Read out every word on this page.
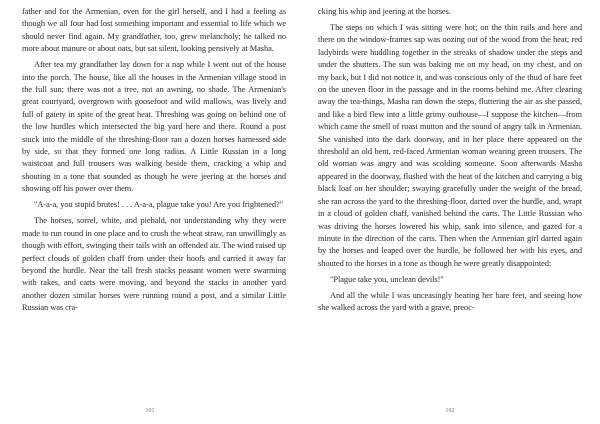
father and for the Armenian, even for the girl herself, and I had a feeling as though we all four had lost something important and essential to life which we should never find again. My grandfather, too, grew melancholy; he talked no more about manure or about oats, but sat silent, looking pensively at Masha.

After tea my grandfather lay down for a nap while I went out of the house into the porch. The house, like all the houses in the Armenian village stood in the full sun; there was not a tree, not an awning, no shade. The Armenian's great courtyard, overgrown with goosefoot and wild mallows, was lively and full of gaiety in spite of the great heat. Threshing was going on behind one of the low hurdles which intersected the big yard here and there. Round a post stuck into the middle of the threshing-floor ran a dozen horses harnessed side by side, so that they formed one long radius. A Little Russian in a long waistcoat and full trousers was walking beside them, cracking a whip and shouting in a tone that sounded as though he were jeering at the horses and showing off his power over them.

"A-a-a, you stupid brutes! . . . A-a-a, plague take you! Are you frightened?"

The horses, sorrel, white, and piebald, not understanding why they were made to run round in one place and to crush the wheat straw, ran unwillingly as though with effort, swinging their tails with an offended air. The wind raised up perfect clouds of golden chaff from under their hoofs and carried it away far beyond the hurdle. Near the tall fresh stacks peasant women were swarming with rakes, and carts were moving, and beyond the stacks in another yard another dozen similar horses were running round a post, and a similar Little Russian was cra-

101

cking his whip and jeering at the horses.

The steps on which I was sitting were hot; on the thin rails and here and there on the window-frames sap was oozing out of the wood from the heat; red ladybirds were huddling together in the streaks of shadow under the steps and under the shutters. The sun was baking me on my head, on my chest, and on my back, but I did not notice it, and was conscious only of the thud of bare feet on the uneven floor in the passage and in the rooms behind me. After clearing away the tea-things, Masha ran down the steps, fluttering the air as she passed, and like a bird flew into a little grimy outhouse—I suppose the kitchen—from which came the smell of roast mutton and the sound of angry talk in Armenian. She vanished into the dark doorway, and in her place there appeared on the threshold an old bent, red-faced Armenian woman wearing green trousers. The old woman was angry and was scolding someone. Soon afterwards Masha appeared in the doorway, flushed with the heat of the kitchen and carrying a big black loaf on her shoulder; swaying gracefully under the weight of the bread, she ran across the yard to the threshing-floor, darted over the hurdle, and, wrapt in a cloud of golden chaff, vanished behind the carts. The Little Russian who was driving the horses lowered his whip, sank into silence, and gazed for a minute in the direction of the carts. Then when the Armenian girl darted again by the horses and leaped over the hurdle, he followed her with his eyes, and shouted to the horses in a tone as though he were greatly disappointed:

"Plague take you, unclean devils!"

And all the while I was unceasingly hearing her bare feet, and seeing how she walked across the yard with a grave, preoc-

102
